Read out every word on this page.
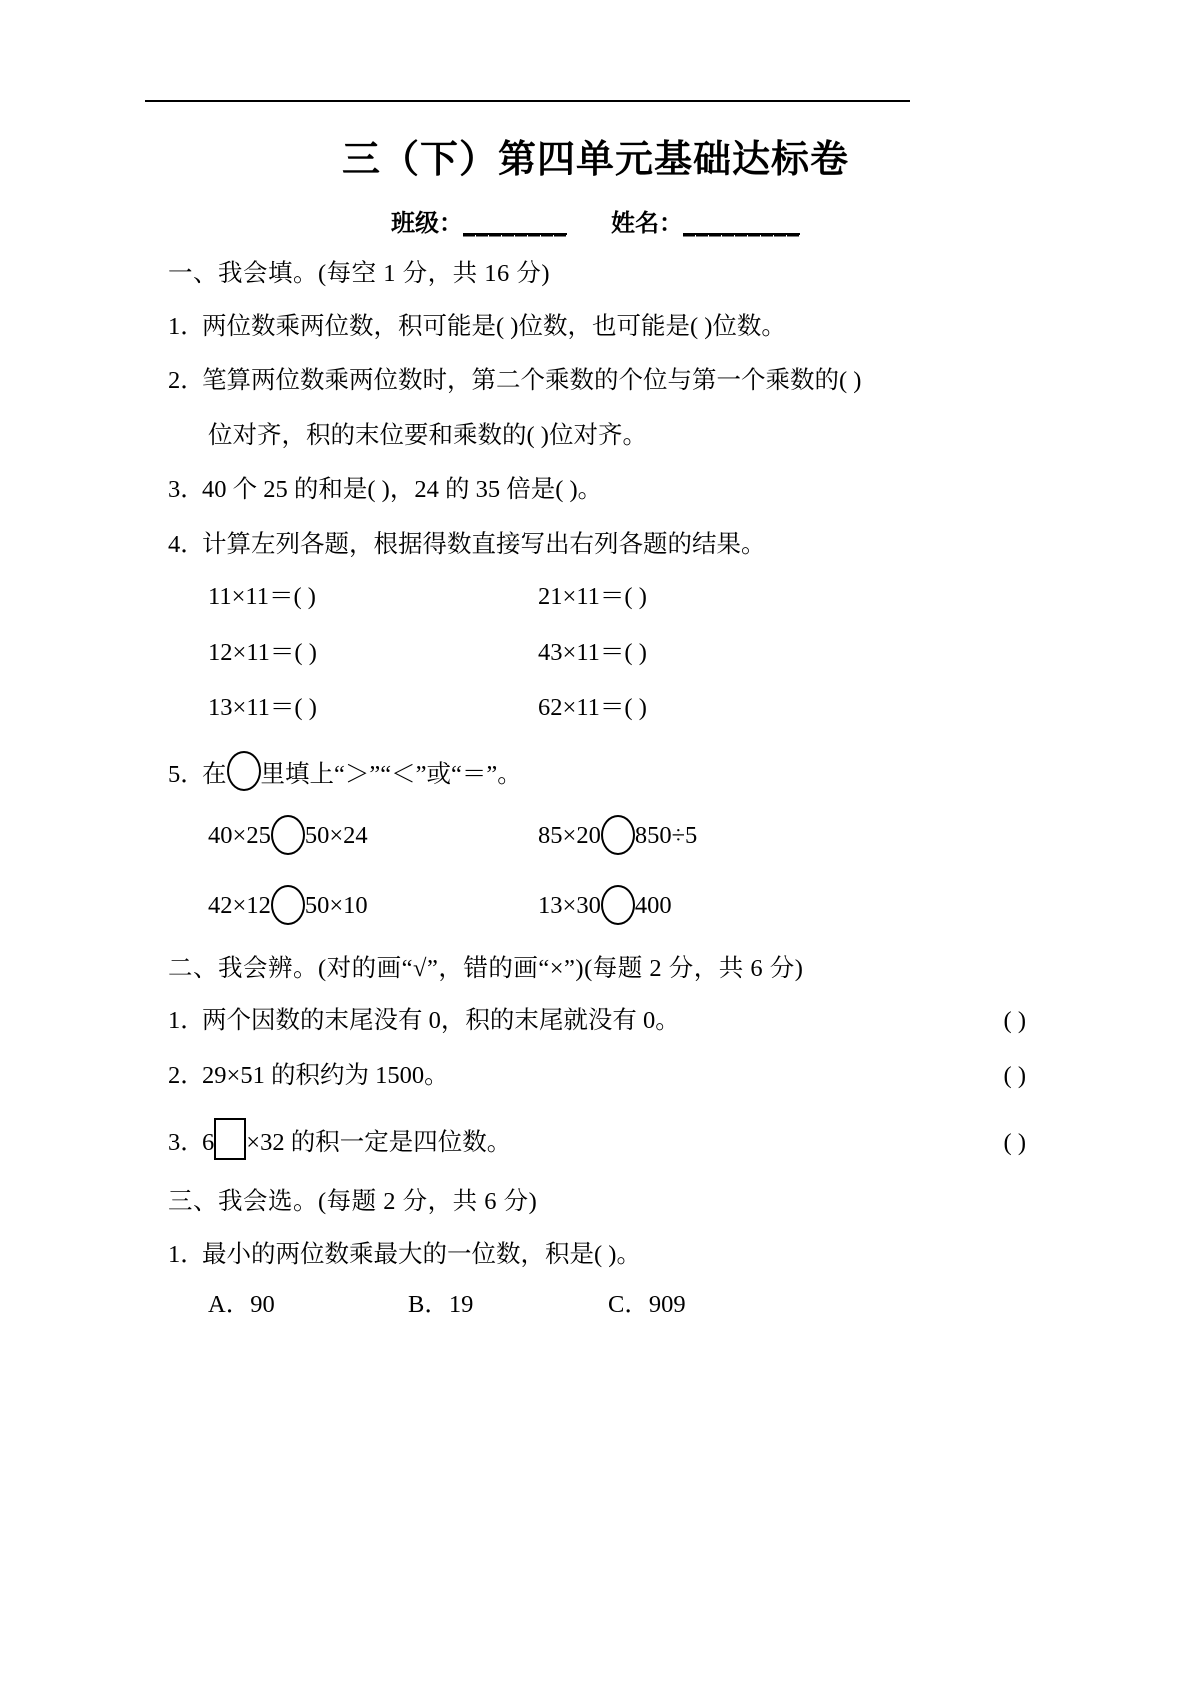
三（下）第四单元基础达标卷
班级：________ 姓名：_________
一、我会填。(每空 1 分，共 16 分)
1．
两位数乘两位数，积可能是( )位数，也可能是( )位数。
2．
笔算两位数乘两位数时，第二个乘数的个位与第一个乘数的( )
位对齐，积的末位要和乘数的( )位对齐。
3．
40 个 25 的和是( )，24 的 35 倍是( )。
4．
计算左列各题，根据得数直接写出右列各题的结果。
11×11＝( )	21×11＝( )
12×11＝( )	43×11＝( )
13×11＝( )	62×11＝( )
5．
在 里填上“＞”“＜”或“＝”。
40×25 50×24	85×20 850÷5
42×12 50×10	13×30 400
二、我会辨。(对的画“√”，错的画“×”)(每题 2 分，共 6 分)
1．
两个因数的末尾没有 0，积的末尾就没有 0。	( )
2．
29×51 的积约为 1500。	( )
3．
6 ×32 的积一定是四位数。	( )
三、我会选。(每题 2 分，共 6 分)
1．
最小的两位数乘最大的一位数，积是( )。
A．90	B．19	C．909
